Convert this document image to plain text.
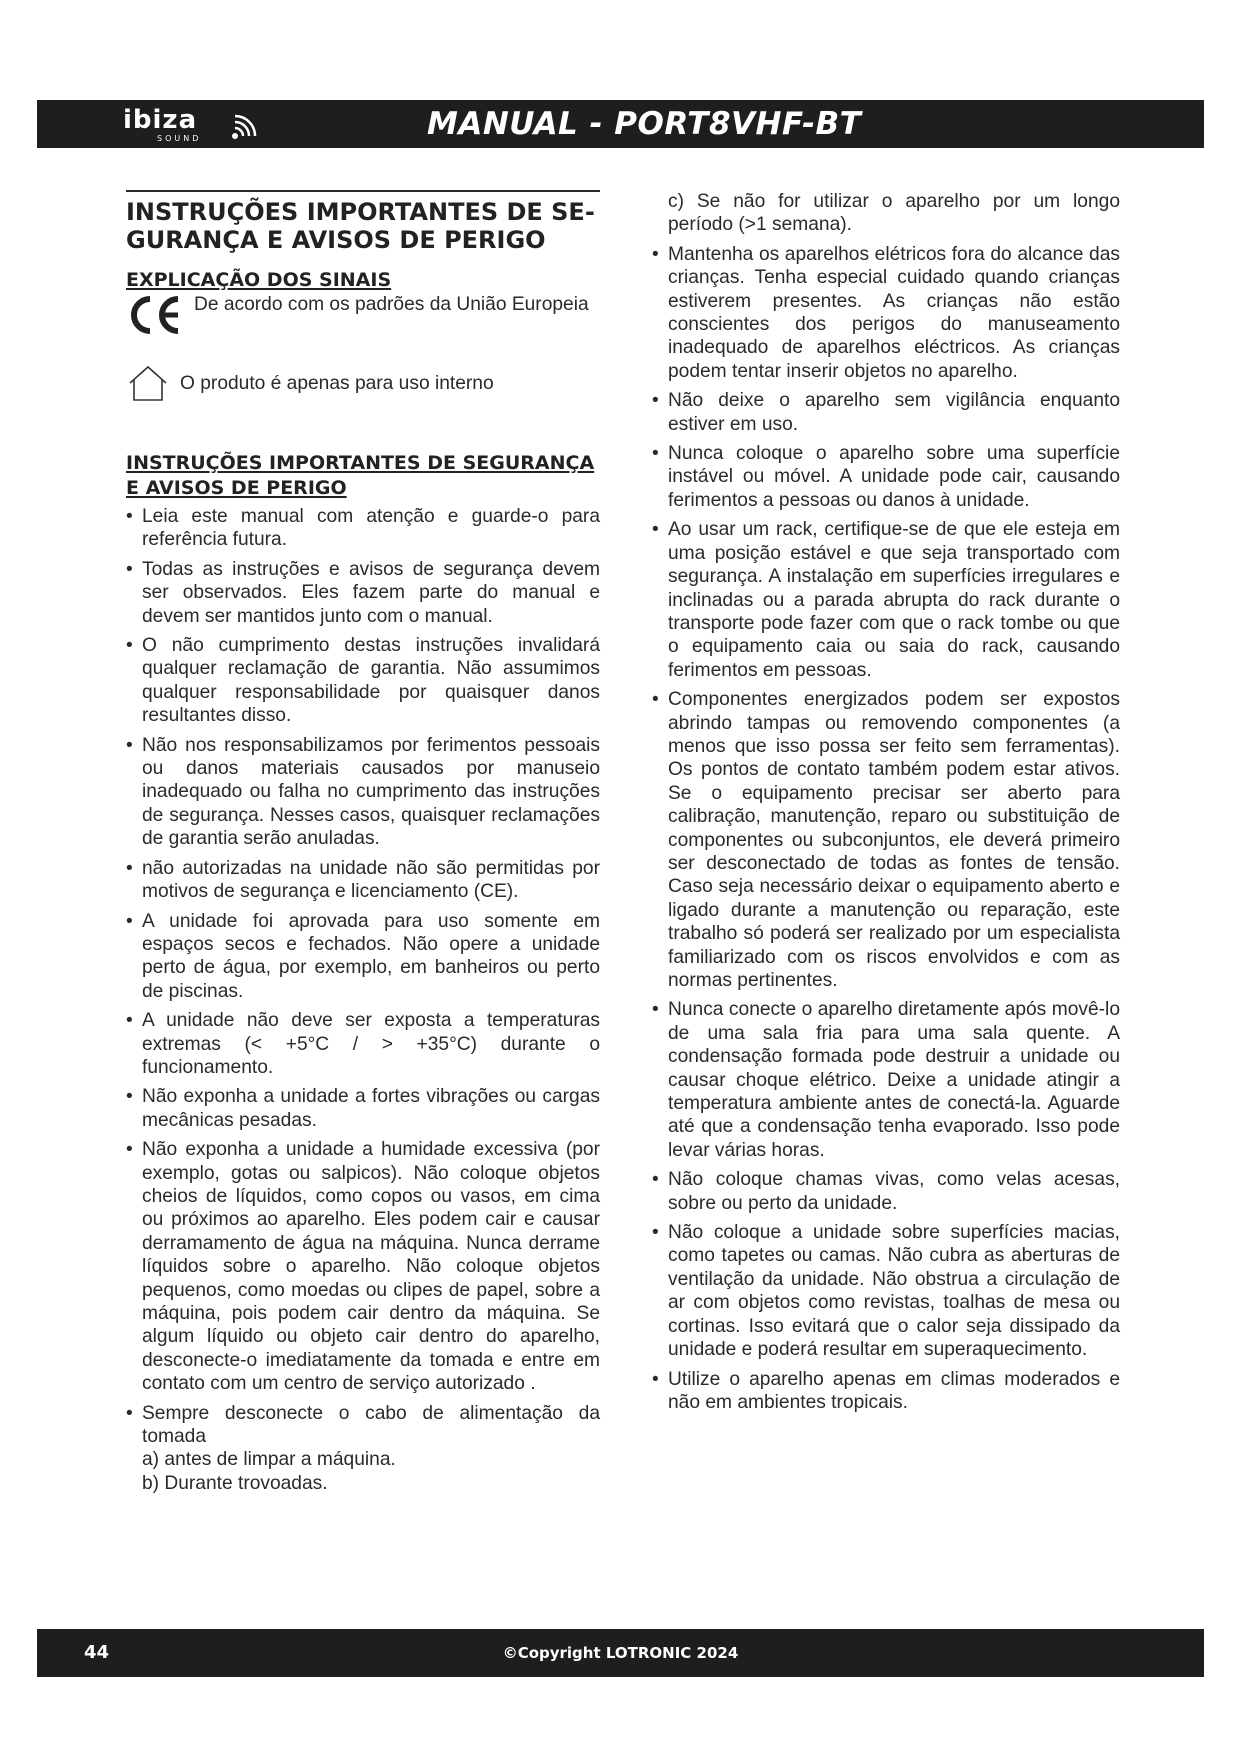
ibiza
SOUND	MANUAL - PORT8VHF-BT
INSTRUÇÕES IMPORTANTES DE SE-GURANÇA E AVISOS DE PERIGO
EXPLICAÇÃO DOS SINAIS
De acordo com os padrões da União Europeia
O produto é apenas para uso interno
INSTRUÇÕES IMPORTANTES DE SEGURANÇA E AVISOS DE PERIGO
• Leia este manual com atenção e guarde-o para referência futura.
• Todas as instruções e avisos de segurança devem ser observados. Eles fazem parte do manual e devem ser mantidos junto com o manual.
• O não cumprimento destas instruções invalidará qualquer reclamação de garantia. Não assumimos qualquer responsabilidade por quaisquer danos resultantes disso.
• Não nos responsabilizamos por ferimentos pessoais ou danos materiais causados por manuseio inadequado ou falha no cumprimento das instruções de segurança. Nesses casos, quaisquer reclamações de garantia serão anuladas.
• não autorizadas na unidade não são permitidas por motivos de segurança e licenciamento (CE).
• A unidade foi aprovada para uso somente em espaços secos e fechados. Não opere a unidade perto de água, por exemplo, em banheiros ou perto de piscinas.
• A unidade não deve ser exposta a temperaturas extremas (< +5°C / > +35°C) durante o funcionamento.
• Não exponha a unidade a fortes vibrações ou cargas mecânicas pesadas.
• Não exponha a unidade a humidade excessiva (por exemplo, gotas ou salpicos). Não coloque objetos cheios de líquidos, como copos ou vasos, em cima ou próximos ao aparelho. Eles podem cair e causar derramamento de água na máquina. Nunca derrame líquidos sobre o aparelho. Não coloque objetos pequenos, como moedas ou clipes de papel, sobre a máquina, pois podem cair dentro da máquina. Se algum líquido ou objeto cair dentro do aparelho, desconecte-o imediatamente da tomada e entre em contato com um centro de serviço autorizado .
• Sempre desconecte o cabo de alimentação da tomada
a) antes de limpar a máquina.
b) Durante trovoadas.
c) Se não for utilizar o aparelho por um longo período (>1 semana).
• Mantenha os aparelhos elétricos fora do alcance das crianças. Tenha especial cuidado quando crianças estiverem presentes. As crianças não estão conscientes dos perigos do manuseamento inadequado de aparelhos eléctricos. As crianças podem tentar inserir objetos no aparelho.
• Não deixe o aparelho sem vigilância enquanto estiver em uso.
• Nunca coloque o aparelho sobre uma superfície instável ou móvel. A unidade pode cair, causando ferimentos a pessoas ou danos à unidade.
• Ao usar um rack, certifique-se de que ele esteja em uma posição estável e que seja transportado com segurança. A instalação em superfícies irregulares e inclinadas ou a parada abrupta do rack durante o transporte pode fazer com que o rack tombe ou que o equipamento caia ou saia do rack, causando ferimentos em pessoas.
• Componentes energizados podem ser expostos abrindo tampas ou removendo componentes (a menos que isso possa ser feito sem ferramentas). Os pontos de contato também podem estar ativos. Se o equipamento precisar ser aberto para calibração, manutenção, reparo ou substituição de componentes ou subconjuntos, ele deverá primeiro ser desconectado de todas as fontes de tensão. Caso seja necessário deixar o equipamento aberto e ligado durante a manutenção ou reparação, este trabalho só poderá ser realizado por um especialista familiarizado com os riscos envolvidos e com as normas pertinentes.
• Nunca conecte o aparelho diretamente após movê-lo de uma sala fria para uma sala quente. A condensação formada pode destruir a unidade ou causar choque elétrico. Deixe a unidade atingir a temperatura ambiente antes de conectá-la. Aguarde até que a condensação tenha evaporado. Isso pode levar várias horas.
• Não coloque chamas vivas, como velas acesas, sobre ou perto da unidade.
• Não coloque a unidade sobre superfícies macias, como tapetes ou camas. Não cubra as aberturas de ventilação da unidade. Não obstrua a circulação de ar com objetos como revistas, toalhas de mesa ou cortinas. Isso evitará que o calor seja dissipado da unidade e poderá resultar em superaquecimento.
• Utilize o aparelho apenas em climas moderados e não em ambientes tropicais.
44	©Copyright LOTRONIC 2024
